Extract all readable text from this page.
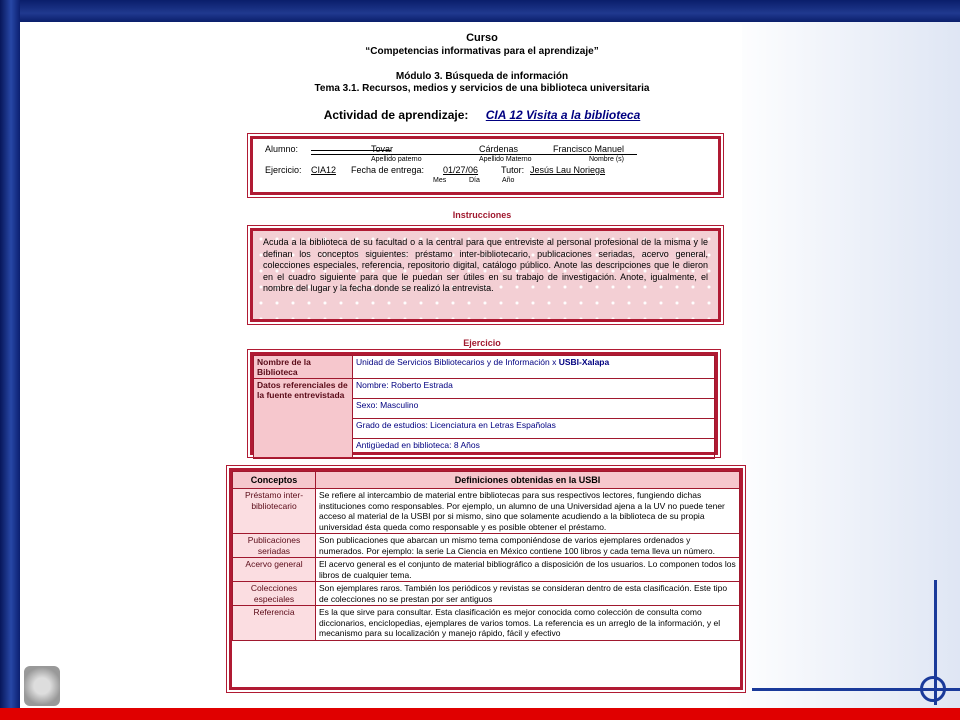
Curso
“Competencias informativas para el aprendizaje”
Módulo 3. Búsqueda de información
Tema 3.1. Recursos, medios y servicios de una biblioteca universitaria
Actividad de aprendizaje: CIA 12 Visita a la biblioteca
Alumno:	Tovar	Cárdenas	Francisco Manuel
Apellido paterno	Apellido Materno	Nombre (s)
Ejercicio: CIA12 Fecha de entrega: 01/27/06	Tutor: Jesús Lau Noriega
Mes	Día	Año
Instrucciones

Acuda a la biblioteca de su facultad o a la central para que entreviste al personal profesional de la misma y le definan los conceptos siguientes: préstamo inter-bibliotecario, publicaciones seriadas, acervo general, colecciones especiales, referencia, repositorio digital, catálogo público. Anote las descripciones que le dieron en el cuadro siguiente para que le puedan ser útiles en su trabajo de investigación. Anote, igualmente, el nombre del lugar y la fecha donde se realizó la entrevista.

Ejercicio
Nombre de la Biblioteca	Unidad de Servicios Bibliotecarios y de Información x USBI-Xalapa
Datos referenciales de la fuente entrevistada	Nombre: Roberto Estrada
	Sexo: Masculino
	Grado de estudios: Licenciatura en Letras Españolas
	Antigüedad en biblioteca: 8 Años
Conceptos	Definiciones obtenidas en la USBI
Préstamo inter-bibliotecario	Se refiere al intercambio de material entre bibliotecas para sus respectivos lectores, fungiendo dichas instituciones como responsables. Por ejemplo, un alumno de una Universidad ajena a la UV no puede tener acceso al material de la USBI por si mismo, sino que solamente acudiendo a la biblioteca de su propia universidad ésta queda como responsable y es posible obtener el préstamo.
Publicaciones seriadas	Son publicaciones que abarcan un mismo tema componiéndose de varios ejemplares ordenados y numerados. Por ejemplo: la serie La Ciencia en México contiene 100 libros y cada tema lleva un número.
Acervo general	El acervo general es el conjunto de material bibliográfico a disposición de los usuarios. Lo componen todos los libros de cualquier tema.
Colecciones especiales	Son ejemplares raros. También los periódicos y revistas se consideran dentro de esta clasificación. Este tipo de colecciones no se prestan por ser antiguos
Referencia	Es la que sirve para consultar. Esta clasificación es mejor conocida como colección de consulta como diccionarios, enciclopedias, ejemplares de varios tomos. La referencia es un arreglo de la información, y el mecanismo para su localización y manejo rápido, fácil y efectivo
